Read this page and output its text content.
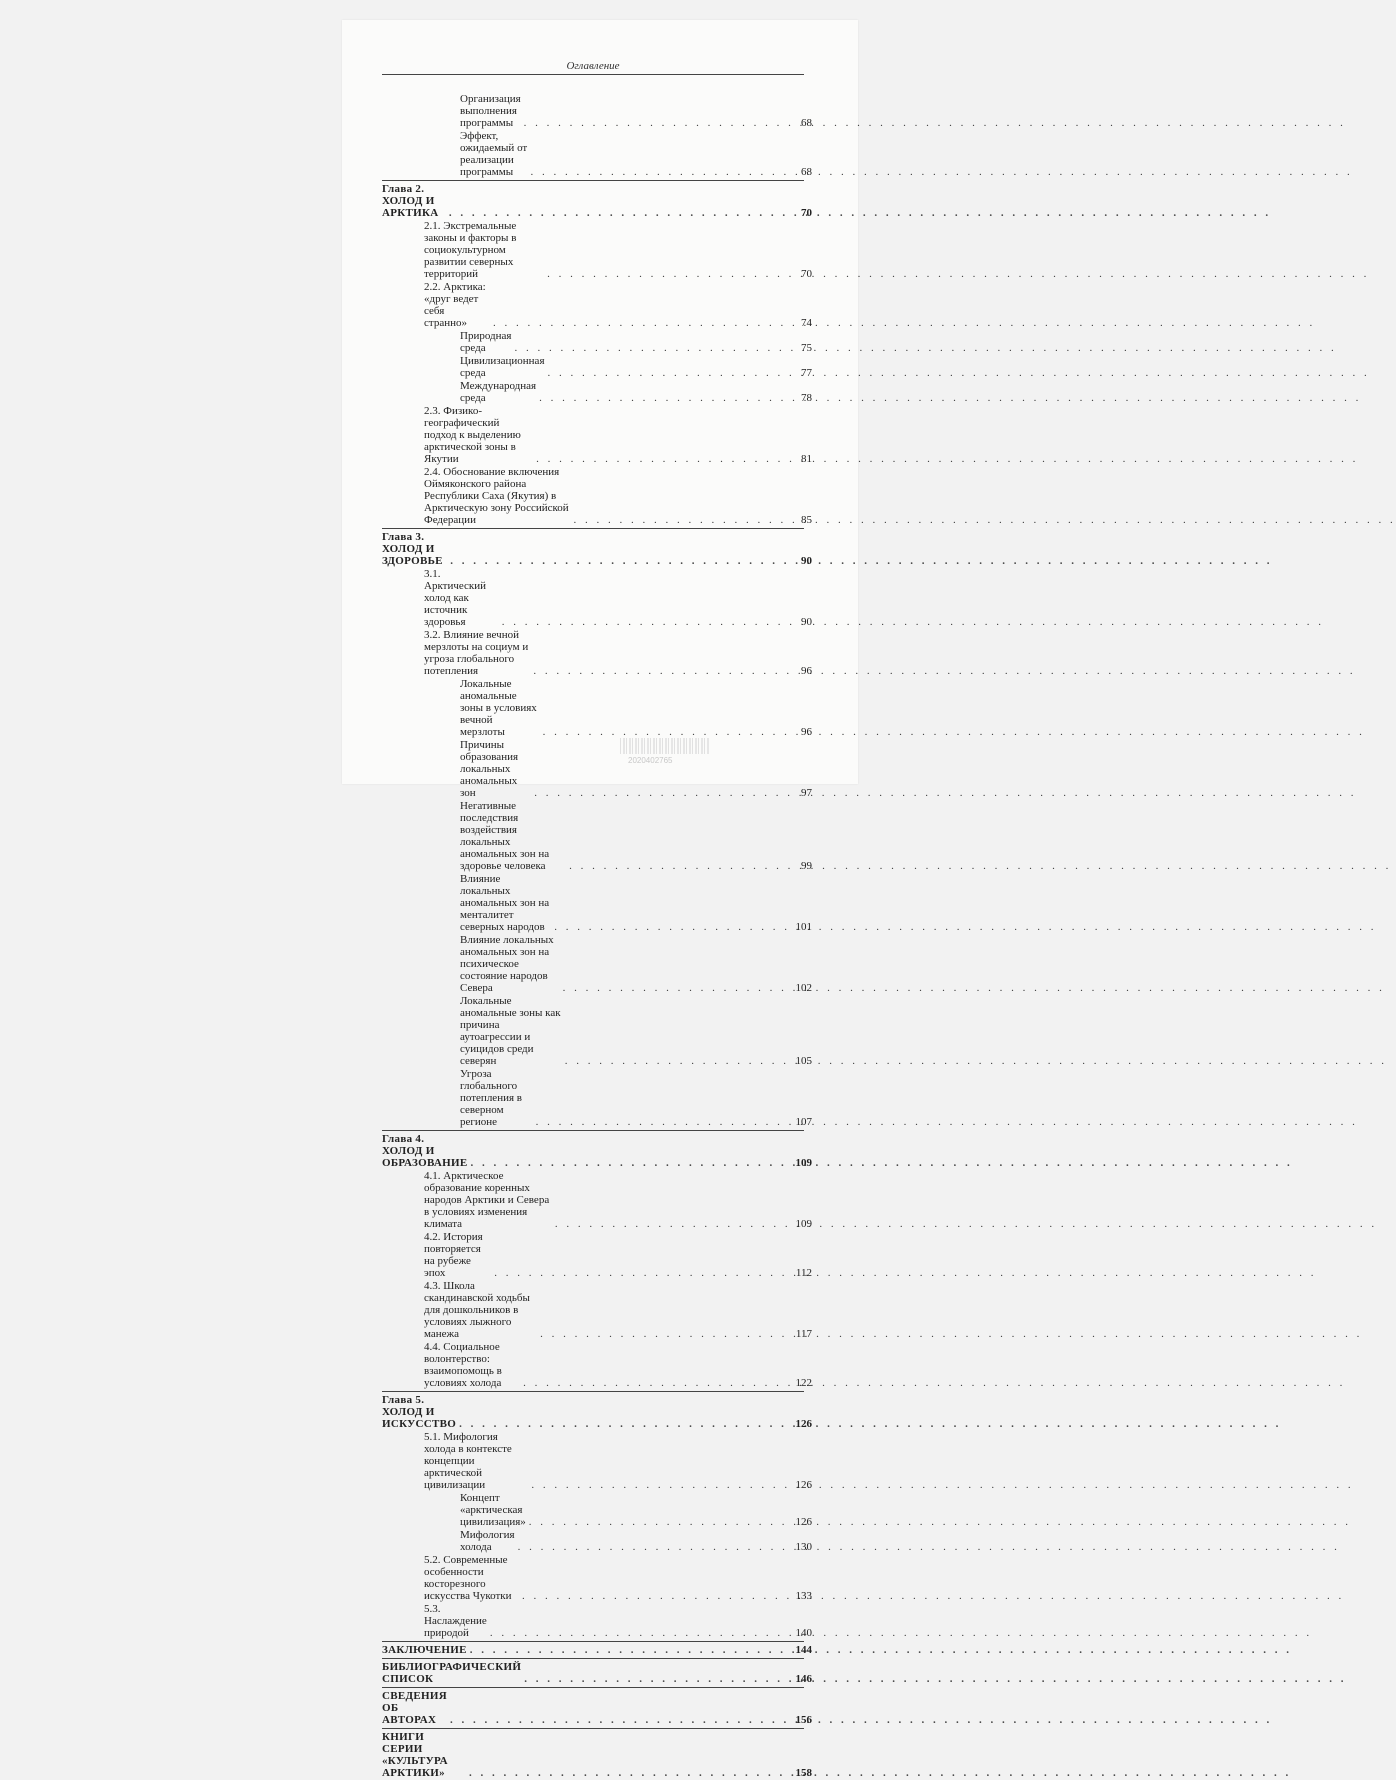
Оглавление
Организация выполнения программы . . .	68
Эффект, ожидаемый от реализации программы . . .	68
Глава 2. ХОЛОД И АРКТИКА . . .	70
2.1. Экстремальные законы и факторы в социокультурном развитии северных территорий . . .	70
2.2. Арктика: «друг ведет себя странно» . . .	74
Природная среда . . .	75
Цивилизационная среда . . .	77
Международная среда . . .	78
2.3. Физико-географический подход к выделению арктической зоны в Якутии . . .	81
2.4. Обоснование включения Оймяконского района Республики Саха (Якутия) в Арктическую зону Российской Федерации . . .	85
Глава 3. ХОЛОД И ЗДОРОВЬЕ . . .	90
3.1. Арктический холод как источник здоровья . . .	90
3.2. Влияние вечной мерзлоты на социум и угроза глобального потепления . . .	96
Локальные аномальные зоны в условиях вечной мерзлоты . . .	96
Причины образования локальных аномальных зон . . .	97
Негативные последствия воздействия локальных аномальных зон на здоровье человека . . .	99
Влияние локальных аномальных зон на менталитет северных народов . . .	101
Влияние локальных аномальных зон на психическое состояние народов Севера . . .	102
Локальные аномальные зоны как причина аутоагрессии и суицидов среди северян . . .	105
Угроза глобального потепления в северном регионе . . .	107
Глава 4. ХОЛОД И ОБРАЗОВАНИЕ . . .	109
4.1. Арктическое образование коренных народов Арктики и Севера в условиях изменения климата . . .	109
4.2. История повторяется на рубеже эпох . . .	112
4.3. Школа скандинавской ходьбы для дошкольников в условиях лыжного манежа . . .	117
4.4. Социальное волонтерство: взаимопомощь в условиях холода . . .	122
Глава 5. ХОЛОД И ИСКУССТВО . . .	126
5.1. Мифология холода в контексте концепции арктической цивилизации . . .	126
Концепт «арктическая цивилизация» . . .	126
Мифология холода . . .	130
5.2. Современные особенности косторезного искусства Чукотки . . .	133
5.3. Наслаждение природой . . .	140
ЗАКЛЮЧЕНИЕ . . .	144
БИБЛИОГРАФИЧЕСКИЙ СПИСОК . . .	146
СВЕДЕНИЯ ОБ АВТОРАХ . . .	156
КНИГИ СЕРИИ «КУЛЬТУРА АРКТИКИ» . . .	158
2020402765
